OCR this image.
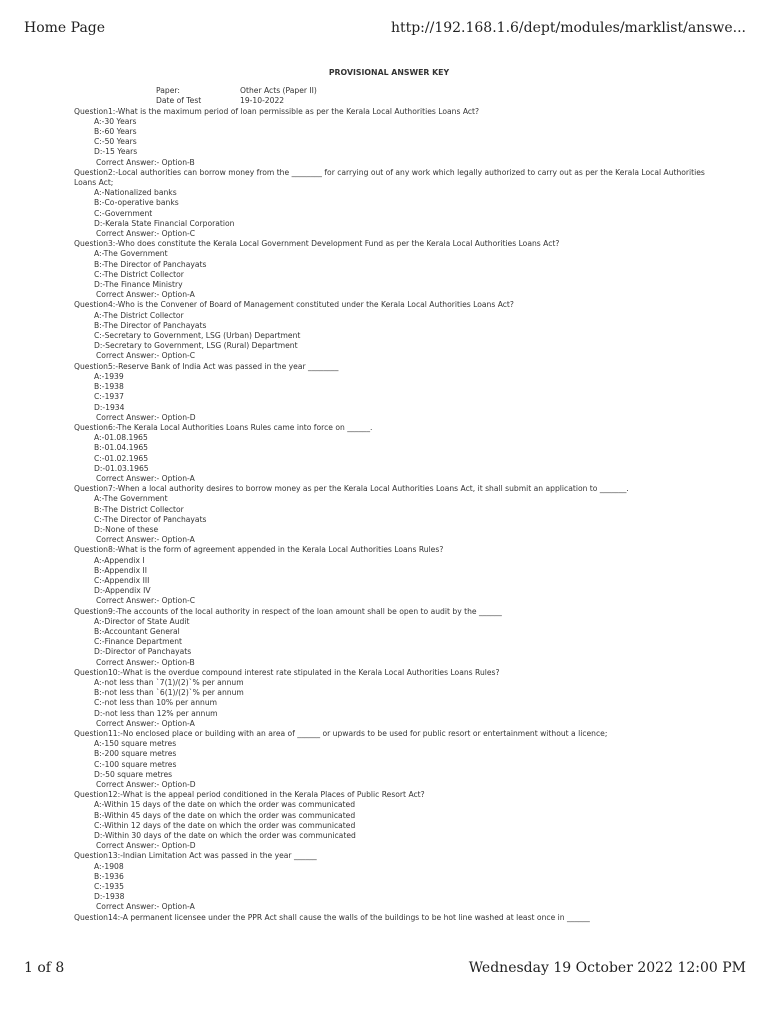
Home Page	http://192.168.1.6/dept/modules/marklist/answe...
PROVISIONAL ANSWER KEY
Paper:	Other Acts (Paper II)
Date of Test	19-10-2022
Question1:-What is the maximum period of loan permissible as per the Kerala Local Authorities Loans Act?
A:-30 Years
B:-60 Years
C:-50 Years
D:-15 Years
Correct Answer:- Option-B
Question2:-Local authorities can borrow money from the ________ for carrying out of any work which legally authorized to carry out as per the Kerala Local Authorities Loans Act;
A:-Nationalized banks
B:-Co-operative banks
C:-Government
D:-Kerala State Financial Corporation
Correct Answer:- Option-C
Question3:-Who does constitute the Kerala Local Government Development Fund as per the Kerala Local Authorities Loans Act?
A:-The Government
B:-The Director of Panchayats
C:-The District Collector
D:-The Finance Ministry
Correct Answer:- Option-A
Question4:-Who is the Convener of Board of Management constituted under the Kerala Local Authorities Loans Act?
A:-The District Collector
B:-The Director of Panchayats
C:-Secretary to Government, LSG (Urban) Department
D:-Secretary to Government, LSG (Rural) Department
Correct Answer:- Option-C
Question5:-Reserve Bank of India Act was passed in the year ________
A:-1939
B:-1938
C:-1937
D:-1934
Correct Answer:- Option-D
Question6:-The Kerala Local Authorities Loans Rules came into force on ______.
A:-01.08.1965
B:-01.04.1965
C:-01.02.1965
D:-01.03.1965
Correct Answer:- Option-A
Question7:-When a local authority desires to borrow money as per the Kerala Local Authorities Loans Act, it shall submit an application to _______.
A:-The Government
B:-The District Collector
C:-The Director of Panchayats
D:-None of these
Correct Answer:- Option-A
Question8:-What is the form of agreement appended in the Kerala Local Authorities Loans Rules?
A:-Appendix I
B:-Appendix II
C:-Appendix III
D:-Appendix IV
Correct Answer:- Option-C
Question9:-The accounts of the local authority in respect of the loan amount shall be open to audit by the ______
A:-Director of State Audit
B:-Accountant General
C:-Finance Department
D:-Director of Panchayats
Correct Answer:- Option-B
Question10:-What is the overdue compound interest rate stipulated in the Kerala Local Authorities Loans Rules?
A:-not less than `7(1)/(2)`% per annum
B:-not less than `6(1)/(2)`% per annum
C:-not less than 10% per annum
D:-not less than 12% per annum
Correct Answer:- Option-A
Question11:-No enclosed place or building with an area of ______ or upwards to be used for public resort or entertainment without a licence;
A:-150 square metres
B:-200 square metres
C:-100 square metres
D:-50 square metres
Correct Answer:- Option-D
Question12:-What is the appeal period conditioned in the Kerala Places of Public Resort Act?
A:-Within 15 days of the date on which the order was communicated
B:-Within 45 days of the date on which the order was communicated
C:-Within 12 days of the date on which the order was communicated
D:-Within 30 days of the date on which the order was communicated
Correct Answer:- Option-D
Question13:-Indian Limitation Act was passed in the year ______
A:-1908
B:-1936
C:-1935
D:-1938
Correct Answer:- Option-A
Question14:-A permanent licensee under the PPR Act shall cause the walls of the buildings to be hot line washed at least once in ______
1 of 8	Wednesday 19 October 2022 12:00 PM
